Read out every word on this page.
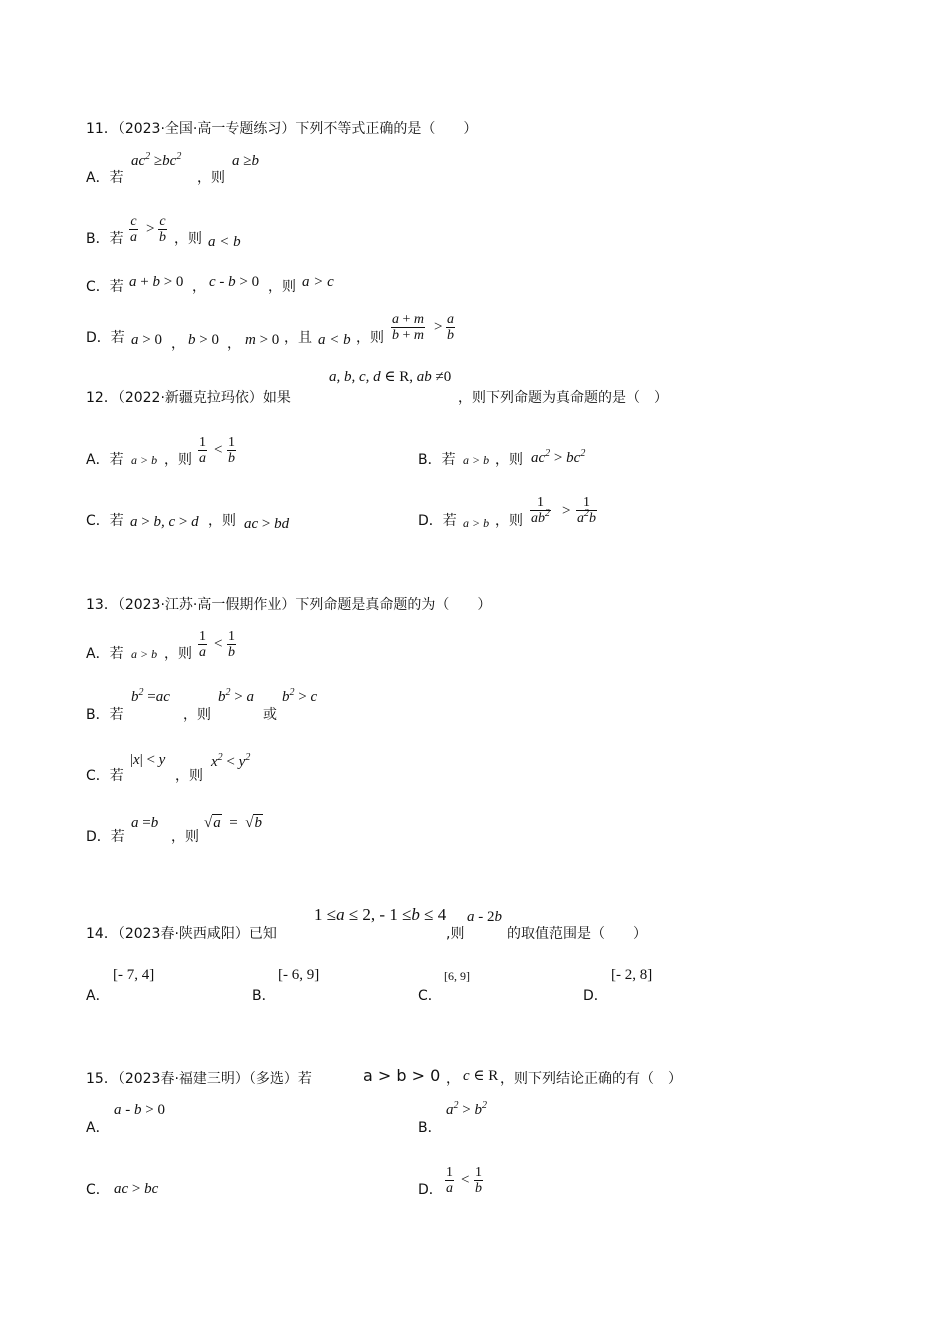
11．（2023·全国·高一专题练习）下列不等式正确的是（　　）
A．若
$ac^2 \ge bc^2$
，则
a ≥b
B．若 $\frac{c}{a} > \frac{c}{b}$ ，则 a < b
C．若 a + b > 0 ， c - b > 0 ，则 a > c
D．若 a > 0 ， b > 0 ， m > 0 ，且 a < b ，则 $\frac{a + m}{b + m} > \frac{a}{b}$
12．（2022·新疆克拉玛依）如果
a, b, c, d ∈ R, ab ≠0
，则下列命题为真命题的是（　）
A．若 a > b ，则 $\frac{1}{a} < \frac{1}{b}$	B．若 a > b ，则 $ac^2 > bc^2$
C．若 a > b, c > d ，则 ac > bd	D．若 a > b ，则 $\frac{1}{ab^2} > \frac{1}{a^2b}$
13．（2023·江苏·高一假期作业）下列命题是真命题的为（　　）
A．若 a > b ，则 $\frac{1}{a} < \frac{1}{b}$
B．若
$b^2 =ac$
，则
$b^2 > a$
或
$b^2 > c$
C．若
|x| < y
，则
$x^2 < y^2$
D．若
a =b
，则
√a  =  √b
14．（2023春·陕西咸阳）已知
1 ≤a ≤ 2, - 1 ≤b ≤ 4
,则
a - 2b
的取值范围是（　　）
A．
[- 7, 4]
B．
[- 6, 9]
C．
[6, 9]
D．
[- 2, 8]
15．（2023春·福建三明）（多选）若	a > b > 0 ， c ∈ R ，则下列结论正确的有（　）
A．
a - b > 0
B．
$a^2 > b^2$
C． ac > bc	D． $\frac{1}{a} < \frac{1}{b}$
